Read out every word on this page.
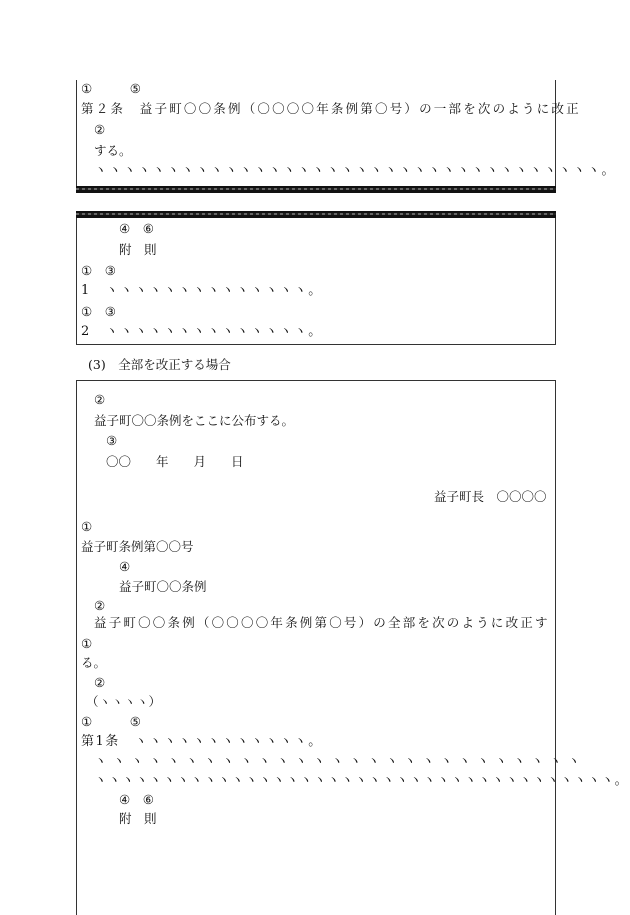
①　　　⑤
第２条　益子町〇〇条例（〇〇〇〇年条例第〇号）の一部を次のように改正
②
する。
ヽヽヽヽヽヽヽヽヽヽヽヽヽヽヽヽヽヽヽヽヽヽヽヽヽヽヽヽヽヽヽヽヽヽヽ。
④　⑥
附　則
①　③
1　ヽヽヽヽヽヽヽヽヽヽヽヽヽヽ。
①　③
2　ヽヽヽヽヽヽヽヽヽヽヽヽヽヽ。
(3)　全部を改正する場合
②
益子町〇〇条例をここに公布する。
③
〇〇　　年　　月　　日
益子町長　〇〇〇〇
①
益子町条例第〇〇号
④
益子町〇〇条例
②
益子町〇〇条例（〇〇〇〇年条例第〇号）の全部を次のように改正す
①
る。
②
（ヽヽヽヽ）
①　　　⑤
第1条　ヽヽヽヽヽヽヽヽヽヽヽヽ。
ヽヽヽヽヽヽヽヽヽヽヽヽヽヽヽヽヽヽヽヽヽヽヽヽヽヽヽ
ヽヽヽヽヽヽヽヽヽヽヽヽヽヽヽヽヽヽヽヽヽヽヽヽヽヽヽヽヽヽヽヽヽヽヽヽヽヽ。
④　⑥
附　則
